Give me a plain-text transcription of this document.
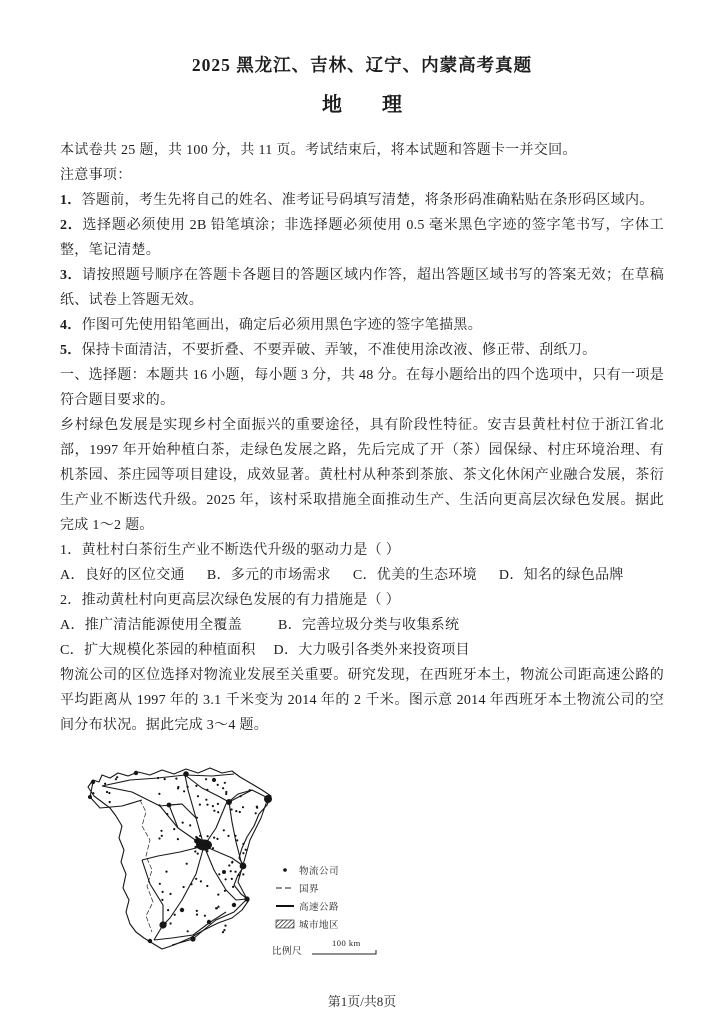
2025 黑龙江、吉林、辽宁、内蒙高考真题
地　　理

本试卷共 25 题，共 100 分，共 11 页。考试结束后，将本试题和答题卡一并交回。

注意事项：

1．答题前，考生先将自己的姓名、准考证号码填写清楚，将条形码准确粘贴在条形码区域内。
2．选择题必须使用 2B 铅笔填涂；非选择题必须使用 0.5 毫米黑色字迹的签字笔书写，字体工整，笔记清楚。
3．请按照题号顺序在答题卡各题目的答题区域内作答，超出答题区域书写的答案无效；在草稿纸、试卷上答题无效。
4．作图可先使用铅笔画出，确定后必须用黑色字迹的签字笔描黑。
5．保持卡面清洁，不要折叠、不要弄破、弄皱，不准使用涂改液、修正带、刮纸刀。

一、选择题：本题共 16 小题，每小题 3 分，共 48 分。在每小题给出的四个选项中，只有一项是符合题目要求的。

乡村绿色发展是实现乡村全面振兴的重要途径，具有阶段性特征。安吉县黄杜村位于浙江省北部，1997 年开始种植白茶，走绿色发展之路，先后完成了开（茶）园保绿、村庄环境治理、有机茶园、茶庄园等项目建设，成效显著。黄杜村从种茶到茶旅、茶文化休闲产业融合发展，茶衍生产业不断迭代升级。2025 年，该村采取措施全面推动生产、生活向更高层次绿色发展。据此完成 1～2 题。

1．黄杜村白茶衍生产业不断迭代升级的驱动力是（ ）

A．良好的区位交通 B．多元的市场需求 C．优美的生态环境 D．知名的绿色品牌

2．推动黄杜村向更高层次绿色发展的有力措施是（ ）

A．推广清洁能源使用全覆盖	B．完善垃圾分类与收集系统
C．扩大规模化茶园的种植面积 D．大力吸引各类外来投资项目

物流公司的区位选择对物流业发展至关重要。研究发现，在西班牙本土，物流公司距高速公路的平均距离从 1997 年的 3.1 千米变为 2014 年的 2 千米。图示意 2014 年西班牙本土物流公司的空间分布状况。据此完成 3～4 题。

物流公司
国界
高速公路
城市地区
比例尺
100 km
第1页/共8页
